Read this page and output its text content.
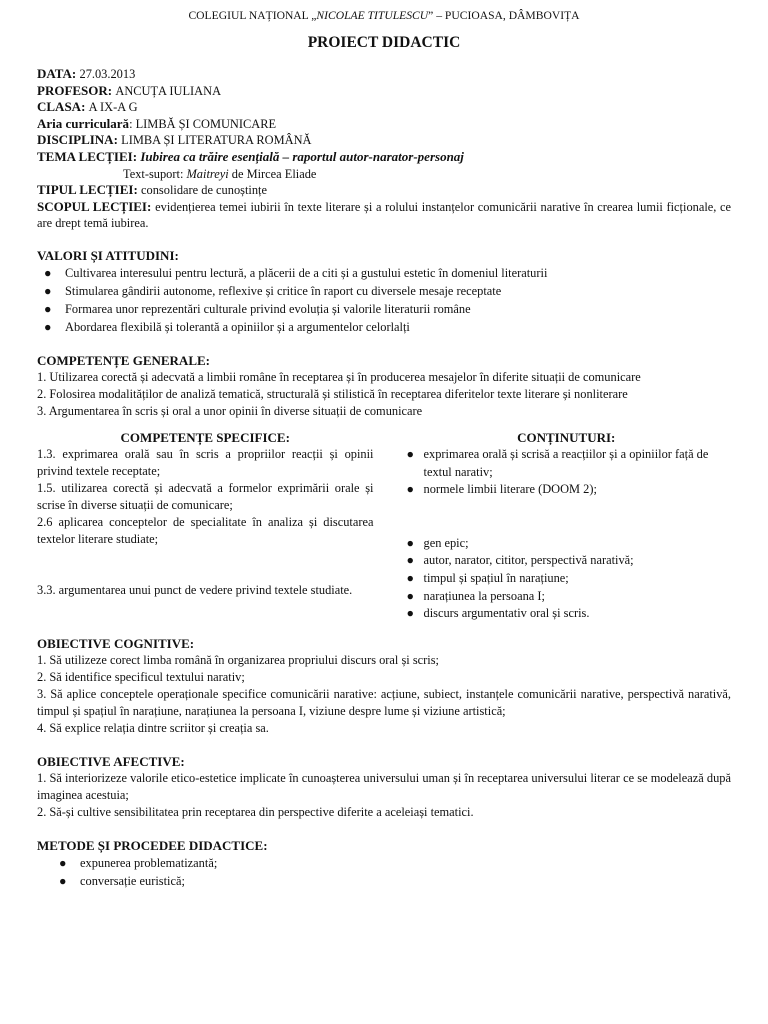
COLEGIUL NAȚIONAL „NICOLAE TITULESCU” – PUCIOASA, DÂMBOVIȚA
PROIECT DIDACTIC
DATA: 27.03.2013
PROFESOR: ANCUȚA IULIANA
CLASA: A IX-A G
Aria curriculară: LIMBĂ ȘI COMUNICARE
DISCIPLINA: LIMBA ȘI LITERATURA ROMÂNĂ
TEMA LECȚIEI: Iubirea ca trăire esențială – raportul autor-narator-personaj
Text-suport: Maitreyi de Mircea Eliade
TIPUL LECȚIEI: consolidare de cunoștințe
SCOPUL LECȚIEI: evidențierea temei iubirii în texte literare și a rolului instanțelor comunicării narative în crearea lumii ficționale, ce are drept temă iubirea.
VALORI ȘI ATITUDINI:
● Cultivarea interesului pentru lectură, a plăcerii de a citi și a gustului estetic în domeniul literaturii
● Stimularea gândirii autonome, reflexive și critice în raport cu diversele mesaje receptate
● Formarea unor reprezentări culturale privind evoluția și valorile literaturii române
● Abordarea flexibilă și tolerantă a opiniilor și a argumentelor celorlalți
COMPETENȚE GENERALE:
1. Utilizarea corectă și adecvată a limbii române în receptarea și în producerea mesajelor în diferite situații de comunicare
2. Folosirea modalităților de analiză tematică, structurală și stilistică în receptarea diferitelor texte literare și nonliterare
3. Argumentarea în scris și oral a unor opinii în diverse situații de comunicare
COMPETENȚE SPECIFICE:
1.3. exprimarea orală sau în scris a propriilor reacții și opinii privind textele receptate;
1.5. utilizarea corectă și adecvată a formelor exprimării orale și scrise în diverse situații de comunicare;
2.6 aplicarea conceptelor de specialitate în analiza și discutarea textelor literare studiate;
3.3. argumentarea unui punct de vedere privind textele studiate.
CONȚINUTURI:
● exprimarea orală și scrisă a reacțiilor și a opiniilor față de textul narativ;
● normele limbii literare (DOOM 2);
● gen epic;
● autor, narator, cititor, perspectivă narativă;
● timpul și spațiul în narațiune;
● narațiunea la persoana I;
● discurs argumentativ oral și scris.
OBIECTIVE COGNITIVE:
1. Să utilizeze corect limba română în organizarea propriului discurs oral și scris;
2. Să identifice specificul textului narativ;
3. Să aplice conceptele operaționale specifice comunicării narative: acțiune, subiect, instanțele comunicării narative, perspectivă narativă, timpul și spațiul în narațiune, narațiunea la persoana I, viziune despre lume și viziune artistică;
4. Să explice relația dintre scriitor și creația sa.
OBIECTIVE AFECTIVE:
1. Să interiorizeze valorile etico-estetice implicate în cunoașterea universului uman și în receptarea universului literar ce se modelează după imaginea acestuia;
2. Să-și cultive sensibilitatea prin receptarea din perspective diferite a aceleiași tematici.
METODE ȘI PROCEDEE DIDACTICE:
● expunerea problematizantă;
● conversație euristică;
